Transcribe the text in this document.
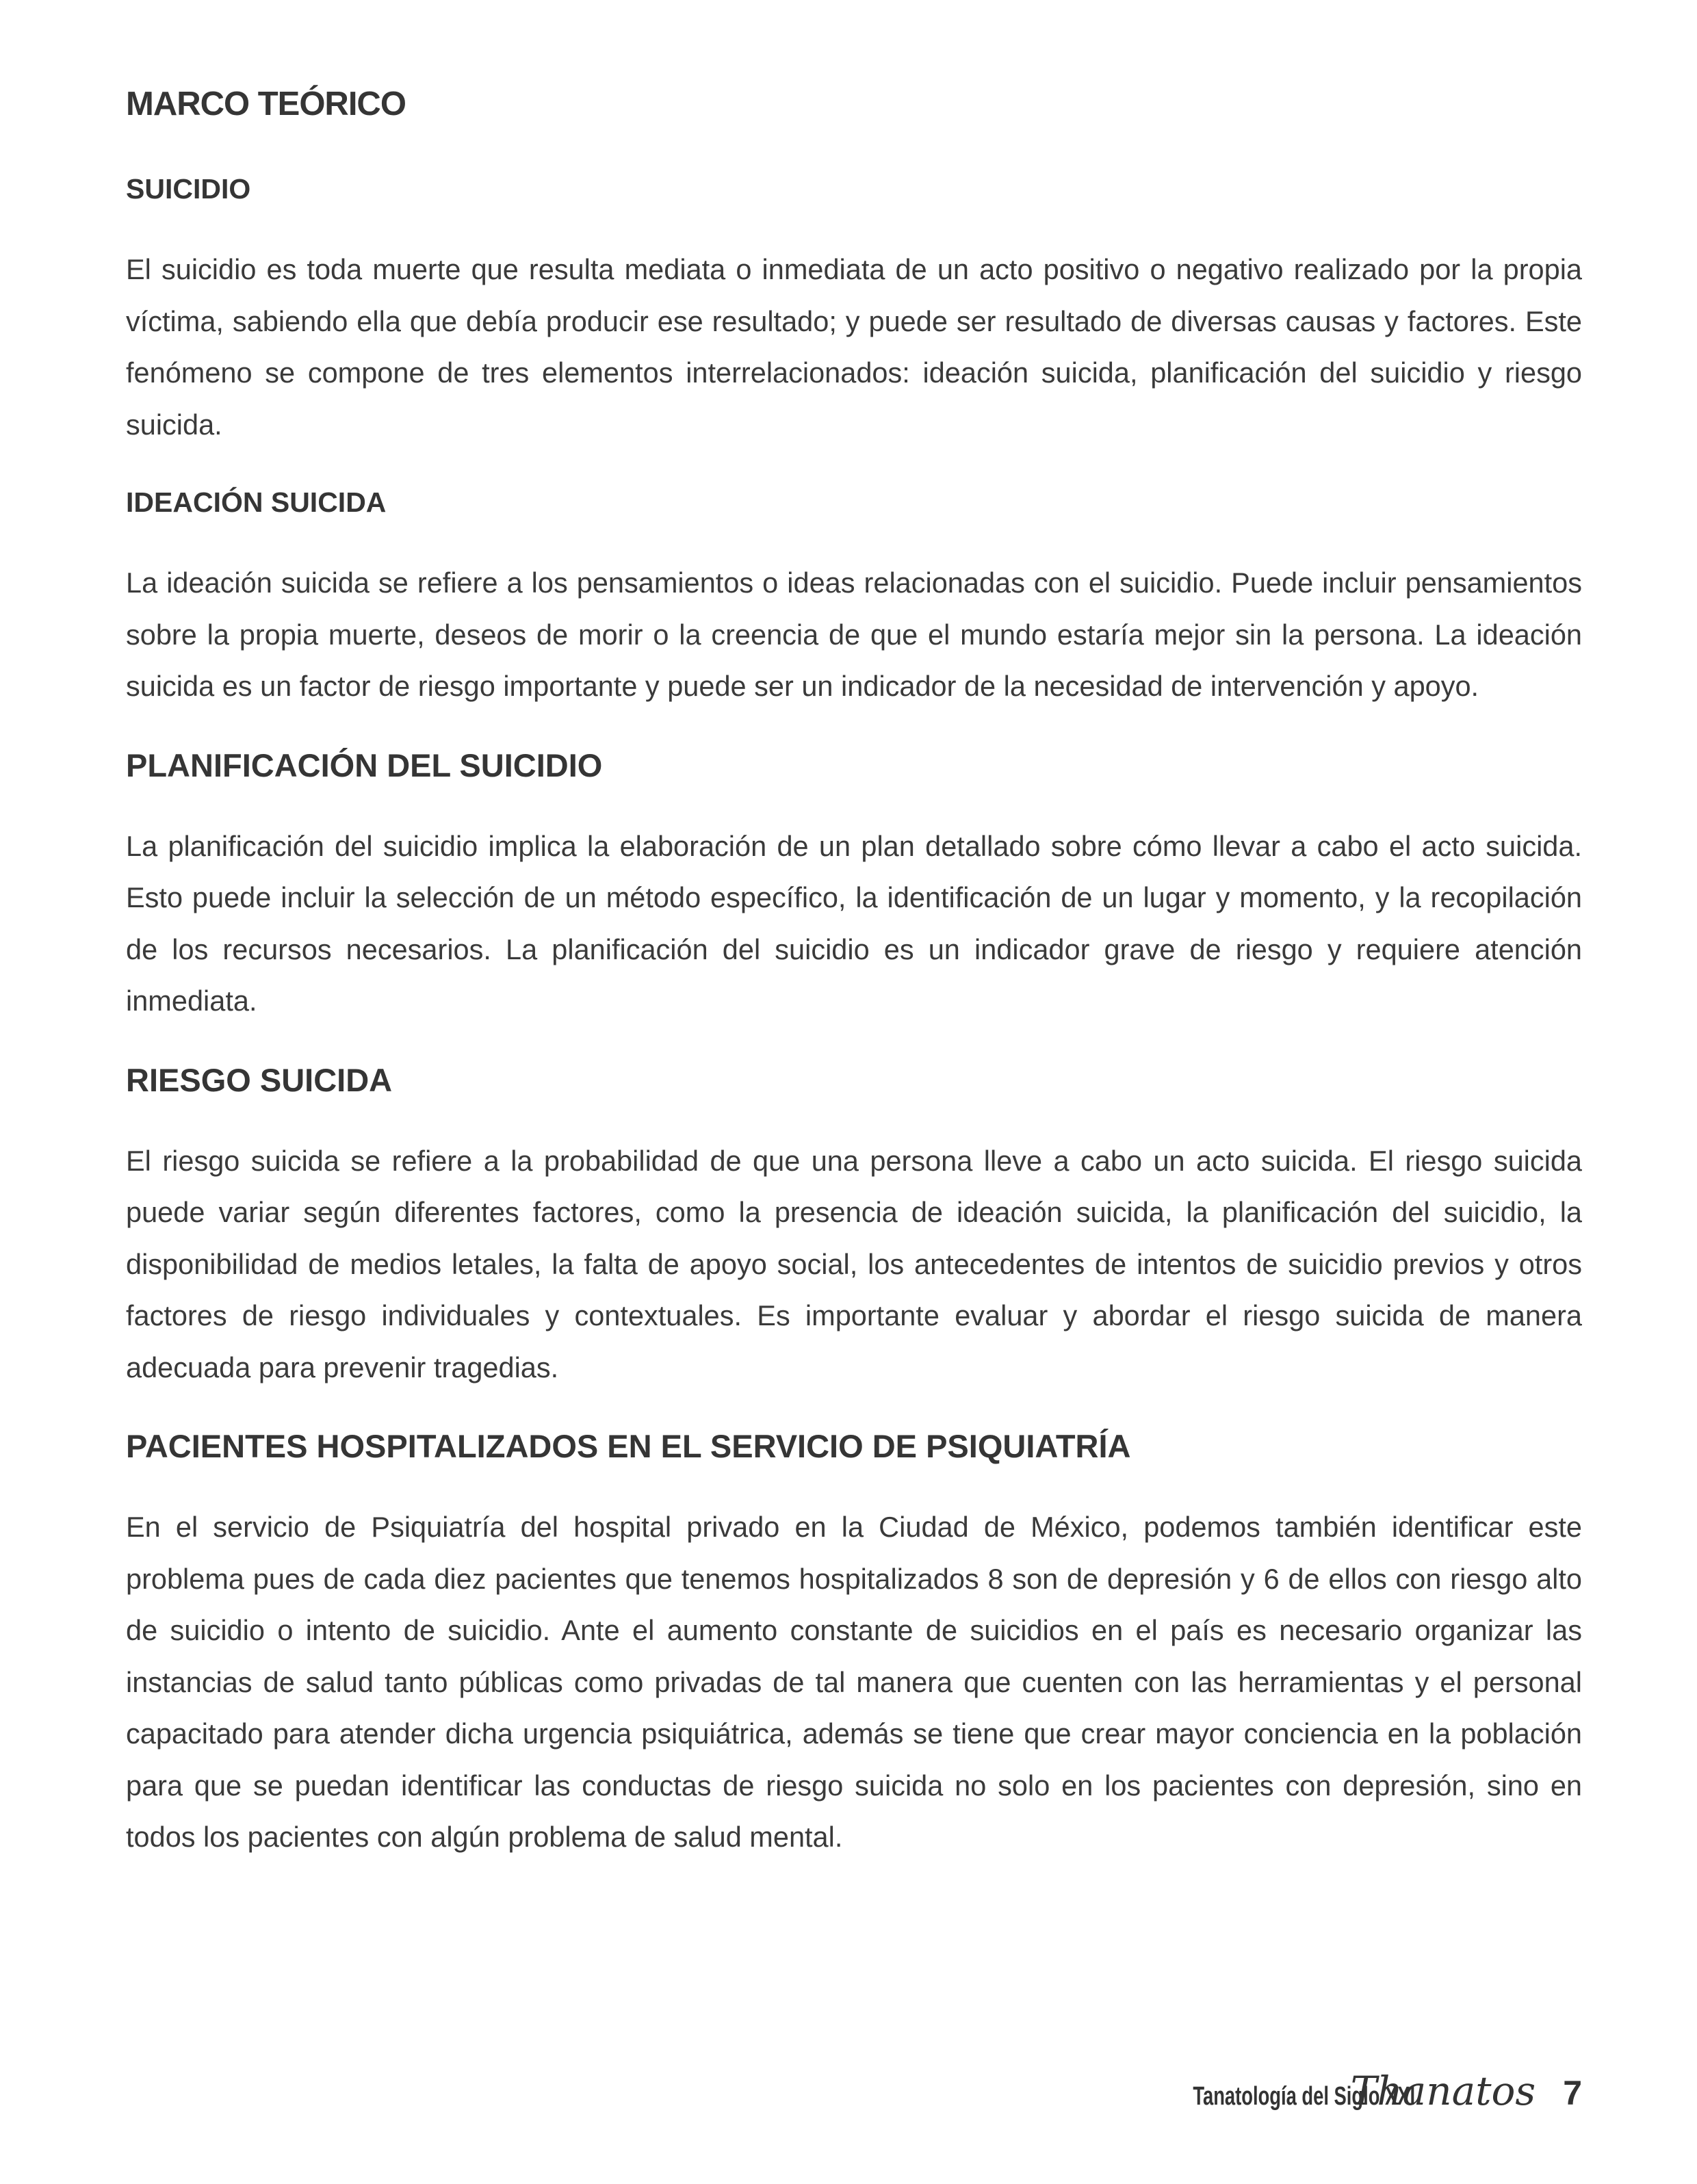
MARCO TEÓRICO
SUICIDIO

El suicidio es toda muerte que resulta mediata o inmediata de un acto positivo o negativo realizado por la propia víctima, sabiendo ella que debía producir ese resultado; y puede ser resultado de diversas causas y factores. Este fenómeno se compone de tres elementos interrelacionados: ideación suicida, planificación del suicidio y riesgo suicida.

IDEACIÓN SUICIDA

La ideación suicida se refiere a los pensamientos o ideas relacionadas con el suicidio. Puede incluir pensamientos sobre la propia muerte, deseos de morir o la creencia de que el mundo estaría mejor sin la persona. La ideación suicida es un factor de riesgo importante y puede ser un indicador de la necesidad de intervención y apoyo.

PLANIFICACIÓN DEL SUICIDIO

La planificación del suicidio implica la elaboración de un plan detallado sobre cómo llevar a cabo el acto suicida. Esto puede incluir la selección de un método específico, la identificación de un lugar y momento, y la recopilación de los recursos necesarios. La planificación del suicidio es un indicador grave de riesgo y requiere atención inmediata.

RIESGO SUICIDA

El riesgo suicida se refiere a la probabilidad de que una persona lleve a cabo un acto suicida. El riesgo suicida puede variar según diferentes factores, como la presencia de ideación suicida, la planificación del suicidio, la disponibilidad de medios letales, la falta de apoyo social, los antecedentes de intentos de suicidio previos y otros factores de riesgo individuales y contextuales. Es importante evaluar y abordar el riesgo suicida de manera adecuada para prevenir tragedias.

PACIENTES HOSPITALIZADOS EN EL SERVICIO DE PSIQUIATRÍA

En el servicio de Psiquiatría del hospital privado en la Ciudad de México, podemos también identificar este problema pues de cada diez pacientes que tenemos hospitalizados 8 son de depresión y 6 de ellos con riesgo alto de suicidio o intento de suicidio. Ante el aumento constante de suicidios en el país es necesario organizar las instancias de salud tanto públicas como privadas de tal manera que cuenten con las herramientas y el personal capacitado para atender dicha urgencia psiquiátrica, además se tiene que crear mayor conciencia en la población para que se puedan identificar las conductas de riesgo suicida no solo en los pacientes con depresión, sino en todos los pacientes con algún problema de salud mental.

Tanatología del Siglo XXI
Thanatos 7
